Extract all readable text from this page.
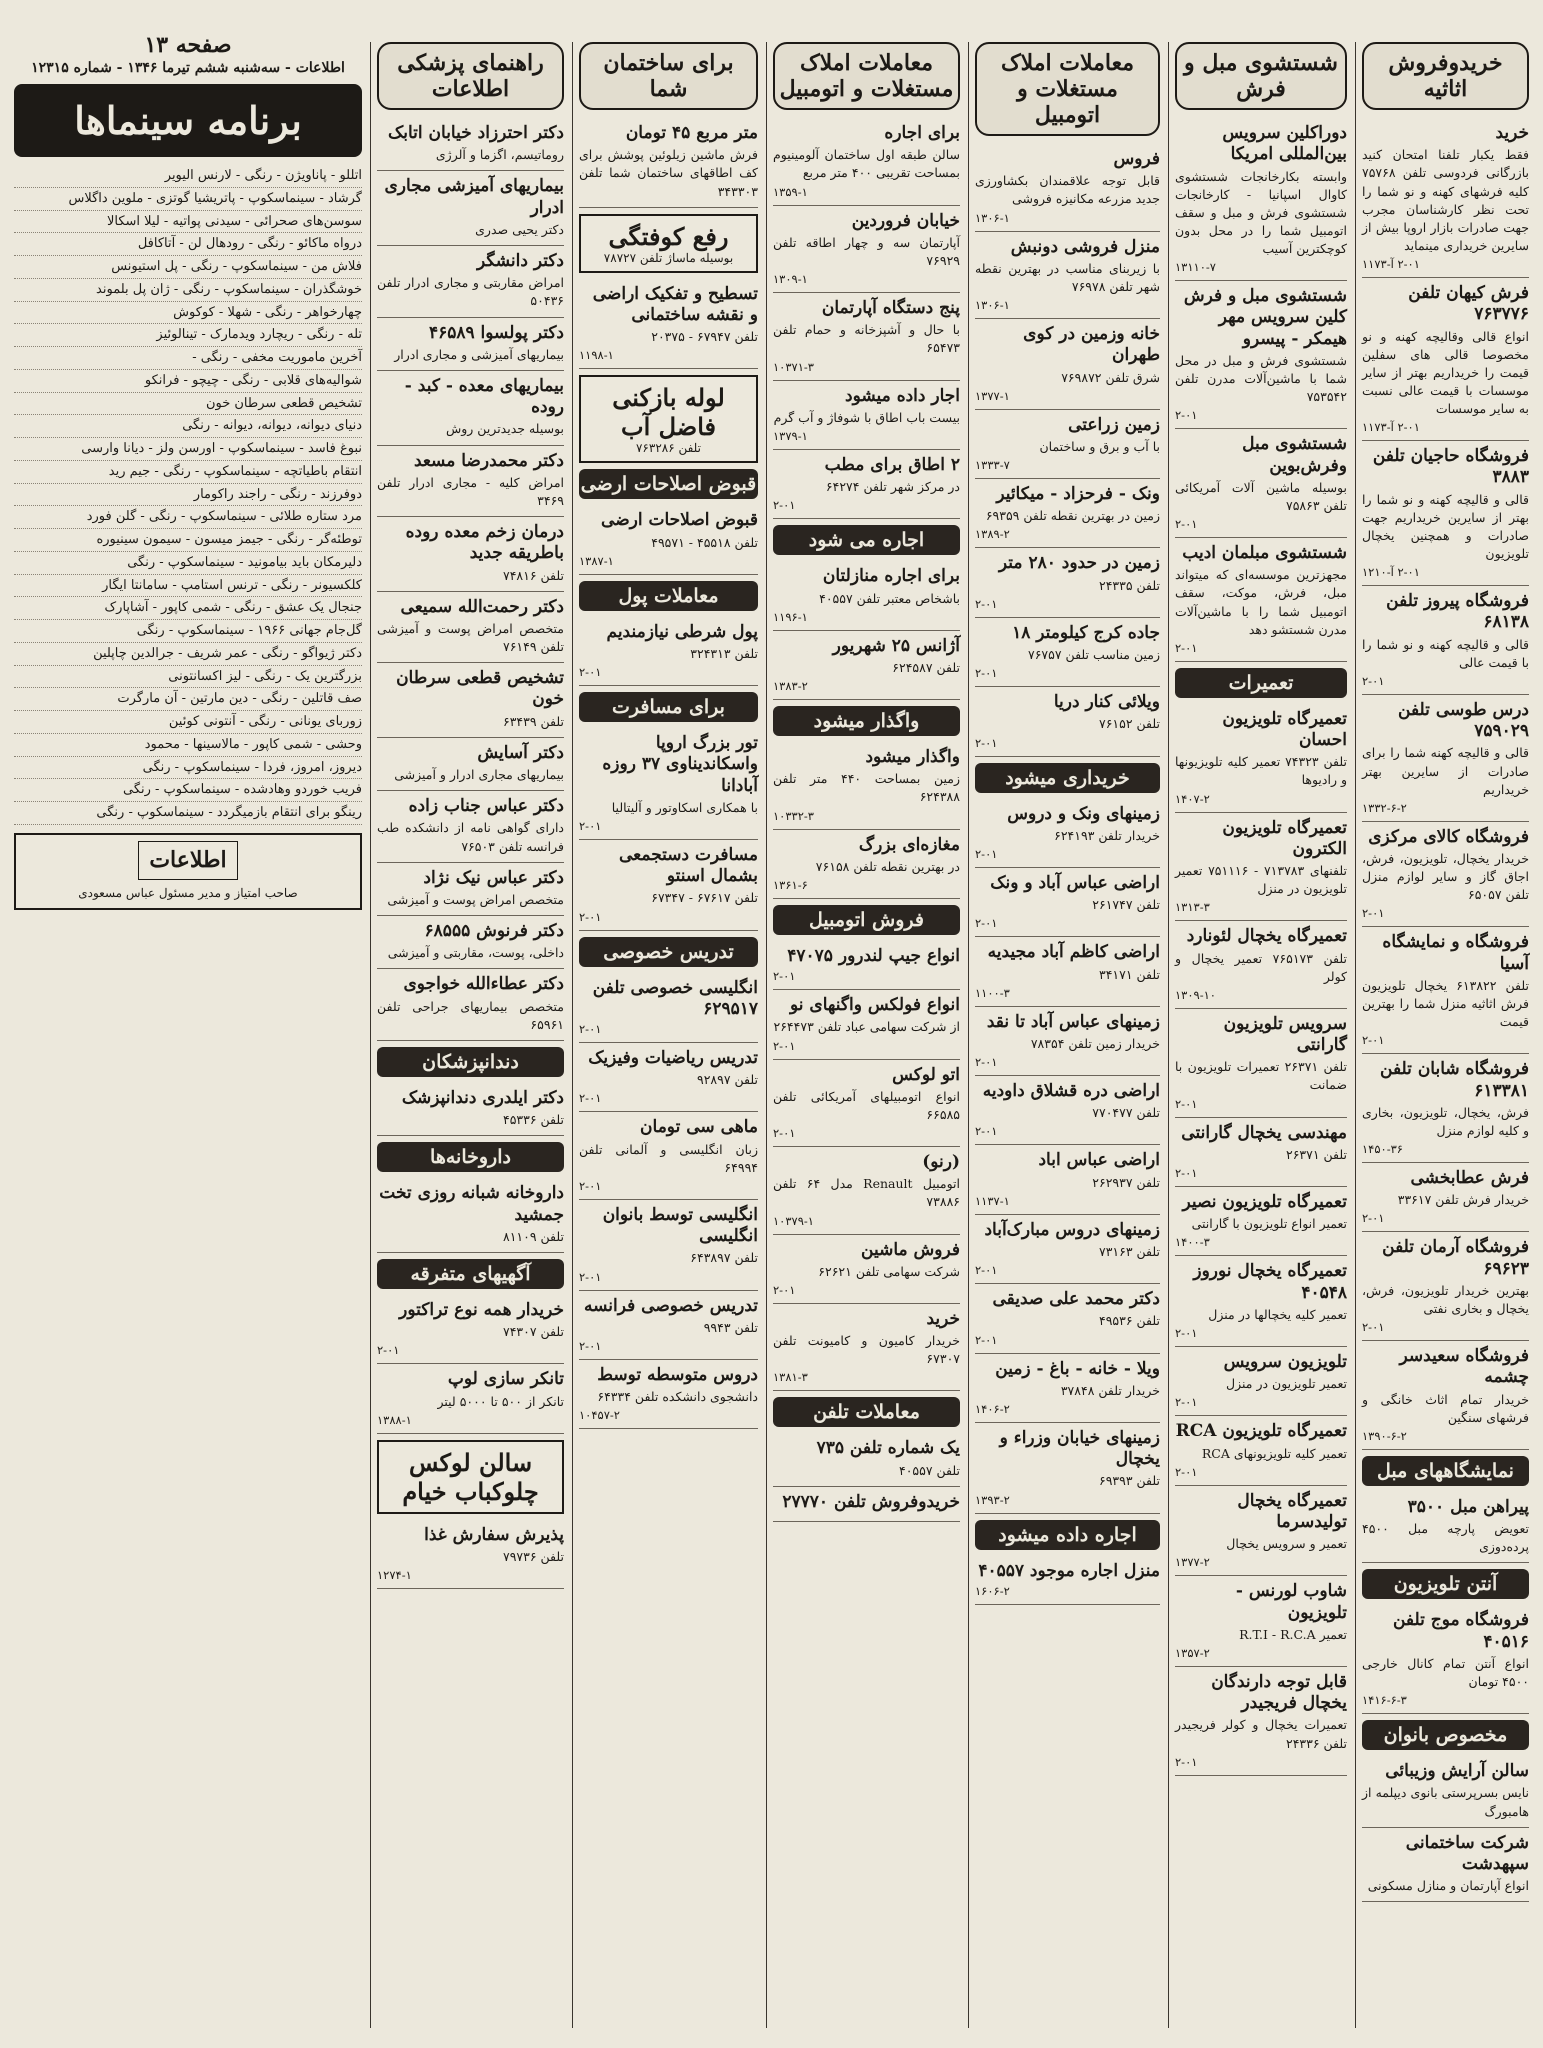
خریدوفروش اثاثیه
خرید

فقط یکبار تلفنا امتحان کنید بازرگانی فردوسی تلفن ۷۵۷۶۸ کلیه فرشهای کهنه و نو شما را تحت نظر کارشناسان مجرب جهت صادرات بازار اروپا بیش از سایرین خریداری مینماید

۲-۰۱ آ-۱۱۷۳
فرش کیهان تلفن ۷۶۳۷۷۶

انواع قالی وقالیچه کهنه و نو مخصوصا قالی های سفلین قیمت را خریداریم بهتر از سایر موسسات با قیمت عالی نسبت به سایر موسسات

۲-۰۱ آ-۱۱۷۳
فروشگاه حاجیان تلفن ۳۸۸۳

قالی و قالیچه کهنه و نو شما را بهتر از سایرین خریداریم جهت صادرات و همچنین یخچال تلویزیون

۲-۰۱ آ-۱۲۱۰
فروشگاه پیروز تلفن ۶۸۱۳۸

قالی و قالیچه کهنه و نو شما را با قیمت عالی

۲-۰۱
درس طوسی تلفن ۷۵۹۰۲۹

قالی و قالیچه کهنه شما را برای صادرات از سایرین بهتر خریداریم

۱۳۳۲-۶-۲
فروشگاه کالای مرکزی

خریدار یخچال، تلویزیون، فرش، اجاق گاز و سایر لوازم منزل تلفن ۶۵۰۵۷

۲-۰۱
فروشگاه و نمایشگاه آسیا

تلفن ۶۱۳۸۲۲ یخچال تلویزیون فرش اثاثیه منزل شما را بهترین قیمت

۲-۰۱
فروشگاه شابان تلفن ۶۱۳۳۸۱

فرش، یخچال، تلویزیون، بخاری و کلیه لوازم منزل

۱۴۵۰-۳۶
فرش عطابخشی

خریدار فرش تلفن ۳۳۶۱۷

۲-۰۱
فروشگاه آرمان تلفن ۶۹۶۲۳

بهترین خریدار تلویزیون، فرش، یخچال و بخاری نفتی

۲-۰۱
فروشگاه سعیدسر چشمه

خریدار تمام اثاث خانگی و فرشهای سنگین

۱۳۹۰-۶-۲
نمایشگاههای مبل
پیراهن مبل ۳۵۰۰

تعویض پارچه مبل ۴۵۰۰ پرده‌دوزی

آنتن تلویزیون
فروشگاه موج تلفن ۴۰۵۱۶

انواع آنتن تمام کانال خارجی ۴۵۰۰ تومان

۱۴۱۶-۶-۳
مخصوص بانوان
سالن آرایش وزیبائی

نایس بسرپرستی بانوی دیپلمه از هامبورگ

شرکت ساختمانی سپهدشت

انواع آپارتمان و منازل مسکونی

شستشوی مبل و فرش
دوراکلین سرویس بین‌المللی امریکا

وابسته بکارخانجات شستشوی کاوال اسپانیا - کارخانجات شستشوی فرش و مبل و سقف اتومبیل شما را در محل بدون کوچکترین آسیب

۱۳۱۱۰-۷
شستشوی مبل و فرش کلین سرویس مهر هیمکر - پیسرو

شستشوی فرش و مبل در محل شما با ماشین‌آلات مدرن تلفن ۷۵۳۵۴۲

۲-۰۱
شستشوی مبل وفرش‌بوین

بوسیله ماشین آلات آمریکائی تلفن ۷۵۸۶۳

۲-۰۱
شستشوی مبلمان ادیب

مجهزترین موسسه‌ای که میتواند مبل، فرش، موکت، سقف اتومبیل شما را با ماشین‌آلات مدرن شستشو دهد

۲-۰۱
تعمیرات
تعمیرگاه تلویزیون احسان

تلفن ۷۴۳۲۳ تعمیر کلیه تلویزیونها و رادیوها

۱۴۰۷-۲
تعمیرگاه تلویزیون الکترون

تلفنهای ۷۱۳۷۸۳ - ۷۵۱۱۱۶ تعمیر تلویزیون در منزل

۱۳۱۳-۳
تعمیرگاه یخچال لئونارد

تلفن ۷۶۵۱۷۳ تعمیر یخچال و کولر

۱۳۰۹-۱۰
سرویس تلویزیون گارانتی

تلفن ۲۶۳۷۱ تعمیرات تلویزیون با ضمانت

۲-۰۱
مهندسی یخچال گارانتی

تلفن ۲۶۳۷۱

۲-۰۱
تعمیرگاه تلویزیون نصیر

تعمیر انواع تلویزیون با گارانتی

۱۴۰۰-۳
تعمیرگاه یخچال نوروز ۴۰۵۴۸

تعمیر کلیه یخچالها در منزل

۲-۰۱
تلویزیون سرویس

تعمیر تلویزیون در منزل

۲-۰۱
تعمیرگاه تلویزیون RCA

تعمیر کلیه تلویزیونهای RCA

۲-۰۱
تعمیرگاه یخچال تولیدسرما

تعمیر و سرویس یخچال

۱۳۷۷-۲
شاوب لورنس - تلویزیون

تعمیر R.T.I - R.C.A

۱۳۵۷-۲
قابل توجه دارندگان یخچال فریجیدر

تعمیرات یخچال و کولر فریجیدر تلفن ۲۴۳۳۶

۲-۰۱
معاملات املاک مستغلات و اتومبیل
فروس

قابل توجه علاقمندان بکشاورزی جدید مزرعه مکانیزه فروشی

۱۳۰۶-۱
منزل فروشی دونبش

با زیربنای مناسب در بهترین نقطه شهر تلفن ۷۶۹۷۸

۱۳۰۶-۱
خانه وزمین در کوی طهران

شرق تلفن ۷۶۹۸۷۲

۱۳۷۷-۱
زمین زراعتی

با آب و برق و ساختمان

۱۳۳۳-۷
ونک - فرحزاد - میکائیر

زمین در بهترین نقطه تلفن ۶۹۳۵۹

۱۳۸۹-۲
زمین در حدود ۲۸۰ متر

تلفن ۲۴۳۳۵

۲-۰۱
جاده کرج کیلومتر ۱۸

زمین مناسب تلفن ۷۶۷۵۷

۲-۰۱
ویلائی کنار دریا

تلفن ۷۶۱۵۲

۲-۰۱
خریداری میشود
زمینهای ونک و دروس

خریدار تلفن ۶۲۴۱۹۳

۲-۰۱
اراضی عباس آباد و ونک

تلفن ۲۶۱۷۴۷

۲-۰۱
اراضی کاظم آباد مجیدیه

تلفن ۳۴۱۷۱

۱۱۰۰-۳
زمینهای عباس آباد تا نقد

خریدار زمین تلفن ۷۸۳۵۴

۲-۰۱
اراضی دره قشلاق داودیه

تلفن ۷۷۰۴۷۷

۲-۰۱
اراضی عباس اباد

تلفن ۲۶۲۹۳۷

۱۱۳۷-۱
زمینهای دروس مبارک‌آباد

تلفن ۷۳۱۶۳

۲-۰۱
دکتر محمد علی صدیقی

تلفن ۴۹۵۳۶

۲-۰۱
ویلا - خانه - باغ - زمین

خریدار تلفن ۳۷۸۴۸

۱۴۰۶-۲
زمینهای خیابان وزراء و یخچال

تلفن ۶۹۳۹۳

۱۳۹۳-۲
اجاره داده میشود
منزل اجاره موجود ۴۰۵۵۷
۱۶۰۶-۲
معاملات املاک مستغلات و اتومبیل
برای اجاره

سالن طبقه اول ساختمان آلومینیوم بمساحت تقریبی ۴۰۰ متر مربع

۱۳۵۹-۱
خیابان فروردین

آپارتمان سه و چهار اطاقه تلفن ۷۶۹۲۹

۱۳۰۹-۱
پنج دستگاه آپارتمان

با حال و آشپزخانه و حمام تلفن ۶۵۴۷۳

۱۰۳۷۱-۳
اجار داده میشود

بیست باب اطاق با شوفاژ و آب گرم

۱۳۷۹-۱
۲ اطاق برای مطب

در مرکز شهر تلفن ۶۴۲۷۴

۲-۰۱
اجاره می شود
برای اجاره منازلتان

باشخاص معتبر تلفن ۴۰۵۵۷

۱۱۹۶-۱
آژانس ۲۵ شهریور

تلفن ۶۲۴۵۸۷

۱۳۸۳-۲
واگذار میشود
واگذار میشود

زمین بمساحت ۴۴۰ متر تلفن ۶۲۴۳۸۸

۱۰۳۳۲-۳
مغازه‌ای بزرگ

در بهترین نقطه تلفن ۷۶۱۵۸

۱۳۶۱-۶
فروش اتومبیل
انواع جیپ لندرور ۴۷۰۷۵
۲-۰۱
انواع فولکس واگنهای نو

از شرکت سهامی عباد تلفن ۲۶۴۴۷۳

۲-۰۱
اتو لوکس

انواع اتومبیلهای آمریکائی تلفن ۶۶۵۸۵

۲-۰۱
(رنو)

اتومبیل Renault مدل ۶۴ تلفن ۷۳۸۸۶

۱۰۳۷۹-۱
فروش ماشین

شرکت سهامی تلفن ۶۲۶۲۱

۲-۰۱
خرید

خریدار کامیون و کامیونت تلفن ۶۷۳۰۷

۱۳۸۱-۳
معاملات تلفن
یک شماره تلفن ۷۳۵

تلفن ۴۰۵۵۷

خریدوفروش تلفن ۲۷۷۷۰
برای ساختمان شما
متر مربع ۴۵ تومان

فرش ماشین زیلوئین پوشش برای کف اطاقهای ساختمان شما تلفن ۳۴۳۳۰۳

رفع کوفتگی
بوسیله ماساژ تلفن ۷۸۷۲۷
تسطیح و تفکیک اراضی و نقشه ساختمانی

تلفن ۶۷۹۴۷ - ۲۰۳۷۵

۱۱۹۸-۱
لوله بازکنی فاضل آب
تلفن ۷۶۳۲۸۶
قبوض اصلاحات ارضی
قبوض اصلاحات ارضی

تلفن ۴۵۵۱۸ - ۴۹۵۷۱

۱۳۸۷-۱
معاملات پول
پول شرطی نیازمندیم

تلفن ۳۲۴۳۱۳

۲-۰۱
برای مسافرت
تور بزرگ اروپا واسکاندیناوی ۳۷ روزه آبادانا

با همکاری اسکاوتور و آلیتالیا

۲-۰۱
مسافرت دستجمعی بشمال اسنتو

تلفن ۶۷۶۱۷ - ۶۷۳۴۷

۲-۰۱
تدریس خصوصی
انگلیسی خصوصی تلفن ۶۲۹۵۱۷
۲-۰۱
تدریس ریاضیات وفیزیک

تلفن ۹۲۸۹۷

۲-۰۱
ماهی سی تومان

زبان انگلیسی و آلمانی تلفن ۶۴۹۹۴

۲-۰۱
انگلیسی توسط بانوان انگلیسی

تلفن ۶۴۳۸۹۷

۲-۰۱
تدریس خصوصی فرانسه

تلفن ۹۹۴۳

۲-۰۱
دروس متوسطه توسط

دانشجوی دانشکده تلفن ۶۴۳۳۴

۱۰۴۵۷-۲
راهنمای پزشکی اطلاعات
دکتر احترزاد خیابان اتابک

روماتیسم، اگزما و آلرژی

بیماریهای آمیزشی مجاری ادرار

دکتر یحیی صدری

دکتر دانشگر

امراض مقاربتی و مجاری ادرار تلفن ۵۰۴۳۶

دکتر پولسوا ۴۶۵۸۹

بیماریهای آمیزشی و مجاری ادرار

بیماریهای معده - کبد - روده

بوسیله جدیدترین روش

دکتر محمدرضا مسعد

امراض کلیه - مجاری ادرار تلفن ۳۴۶۹

درمان زخم معده روده باطریقه جدید

تلفن ۷۴۸۱۶

دکتر رحمت‌الله سمیعی

متخصص امراض پوست و آمیزشی تلفن ۷۶۱۴۹

تشخیص قطعی سرطان خون

تلفن ۶۳۴۳۹

دکتر آسایش

بیماریهای مجاری ادرار و آمیزشی

دکتر عباس جناب زاده

دارای گواهی نامه از دانشکده طب فرانسه تلفن ۷۶۵۰۳

دکتر عباس نیک نژاد

متخصص امراض پوست و آمیزشی

دکتر فرنوش ۶۸۵۵۵

داخلی، پوست، مقاربتی و آمیزشی

دکتر عطاءالله خواجوی

متخصص بیماریهای جراحی تلفن ۶۵۹۶۱

دندانپزشکان
دکتر ایلدری دندانپزشک

تلفن ۴۵۳۳۶

داروخانه‌ها
داروخانه شبانه روزی تخت جمشید

تلفن ۸۱۱۰۹

آگهیهای متفرقه
خریدار همه نوع تراکتور

تلفن ۷۴۳۰۷

۲-۰۱
تانکر سازی لوپ

تانکر از ۵۰۰ تا ۵۰۰۰ لیتر

۱۳۸۸-۱
سالن لوکس چلوکباب خیام
پذیرش سفارش غذا

تلفن ۷۹۷۳۶

۱۲۷۴-۱
صفحه ۱۳
اطلاعات - سه‌شنبه ششم تیرما ۱۳۴۶ - شماره ۱۲۳۱۵
برنامه سینماها
اتللو - پاناویژن - رنگی - لارنس الیویر
گرشاد - سینماسکوپ - پاتریشیا گوتزی - ملوین داگلاس
سوسن‌های صحرائی - سیدنی پواتیه - لیلا اسکالا
درواه ماکائو - رنگی - رودهال لن - آتاکافل
فلاش من - سینماسکوپ - رنگی - پل استیونس
خوشگذران - سینماسکوپ - رنگی - ژان پل بلموند
چهارخواهر - رنگی - شهلا - کوکوش
تله - رنگی - ریچارد ویدمارک - تینالوئیز
آخرین ماموریت مخفی - رنگی -
شوالیه‌های قلابی - رنگی - چیچو - فرانکو
تشخیص قطعی سرطان خون
دنیای دیوانه، دیوانه، دیوانه - رنگی
نبوغ فاسد - سینماسکوپ - اورسن ولز - دیانا وارسی
انتقام باطیاتچه - سینماسکوپ - رنگی - جیم رید
دوفرزند - رنگی - راجند راکومار
مرد ستاره طلائی - سینماسکوپ - رنگی - گلن فورد
توطئه‌گر - رنگی - جیمز میسون - سیمون سینیوره
دلیرمکان باید بیامونید - سینماسکوپ - رنگی
کلکسیونر - رنگی - ترنس استامپ - سامانتا ایگار
جنجال یک عشق - رنگی - شمی کاپور - آشاپارک
گل‌جام جهانی ۱۹۶۶ - سینماسکوپ - رنگی
دکتر ژیواگو - رنگی - عمر شریف - جرالدین چاپلین
بزرگترین یک - رنگی - لیز اکسانتونی
صف قاتلین - رنگی - دین مارتین - آن مارگرت
زوربای یونانی - رنگی - آنتونی کوئین
وحشی - شمی کاپور - مالاسینها - محمود
دیروز، امروز، فردا - سینماسکوپ - رنگی
فریب خوردو وهادشده - سینماسکوپ - رنگی
رینگو برای انتقام بازمیگردد - سینماسکوپ - رنگی
اطلاعات
صاحب امتیاز و مدیر مسئول عباس مسعودی
